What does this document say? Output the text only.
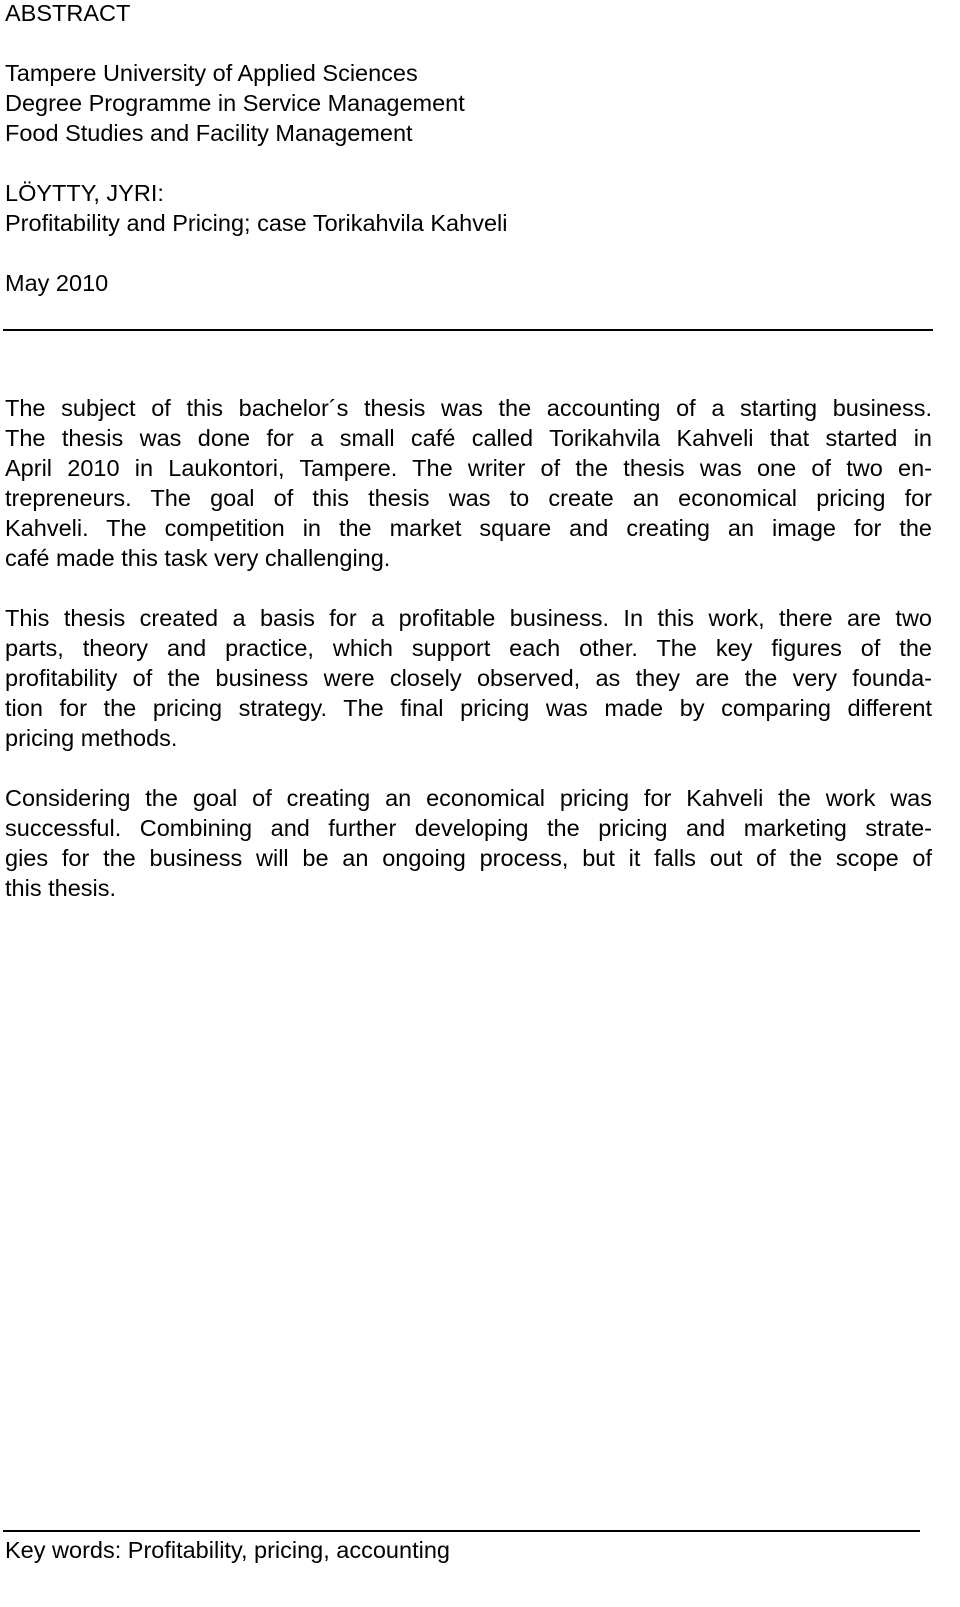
ABSTRACT
Tampere University of Applied Sciences
Degree Programme in Service Management
Food Studies and Facility Management
LÖYTTY, JYRI:
Profitability and Pricing; case Torikahvila Kahveli
May 2010

The subject of this bachelor´s thesis was the accounting of a starting business.

The thesis was done for a small café called Torikahvila Kahveli that started in

April 2010 in Laukontori, Tampere. The writer of the thesis was one of two en-

trepreneurs. The goal of this thesis was to create an economical pricing for

Kahveli. The competition in the market square and creating an image for the

café made this task very challenging.

This thesis created a basis for a profitable business. In this work, there are two

parts, theory and practice, which support each other. The key figures of the

profitability of the business were closely observed, as they are the very founda-

tion for the pricing strategy. The final pricing was made by comparing different

pricing methods.

Considering the goal of creating an economical pricing for Kahveli the work was

successful. Combining and further developing the pricing and marketing strate-

gies for the business will be an ongoing process, but it falls out of the scope of

this thesis.

Key words: Profitability, pricing, accounting
